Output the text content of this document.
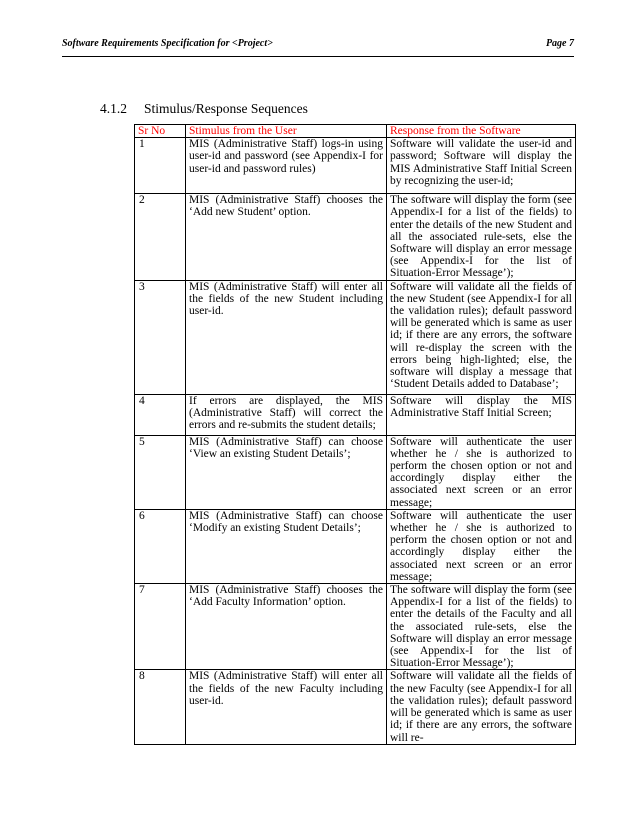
Software Requirements Specification for <Project>	Page 7
4.1.2 Stimulus/Response Sequences
Sr No	Stimulus from the User	Response from the Software
1	MIS (Administrative Staff) logs-in using user-id and password (see Appendix-I for user-id and password rules)	Software will validate the user-id and password; Software will display the MIS Administrative Staff Initial Screen by recognizing the user-id;
2	MIS (Administrative Staff) chooses the ‘Add new Student’ option.	The software will display the form (see Appendix-I for a list of the fields) to enter the details of the new Student and all the associated rule-sets, else the Software will display an error message (see Appendix-I for the list of Situation-Error Message’);
3	MIS (Administrative Staff) will enter all the fields of the new Student including user-id.	Software will validate all the fields of the new Student (see Appendix-I for all the validation rules); default password will be generated which is same as user id; if there are any errors, the software will re-display the screen with the errors being high-lighted; else, the software will display a message that ‘Student Details added to Database’;
4	If errors are displayed, the MIS (Administrative Staff) will correct the errors and re-submits the student details;	Software will display the MIS Administrative Staff Initial Screen;
5	MIS (Administrative Staff) can choose ‘View an existing Student Details’;	Software will authenticate the user whether he / she is authorized to perform the chosen option or not and accordingly display either the associated next screen or an error message;
6	MIS (Administrative Staff) can choose ‘Modify an existing Student Details’;	Software will authenticate the user whether he / she is authorized to perform the chosen option or not and accordingly display either the associated next screen or an error message;
7	MIS (Administrative Staff) chooses the ‘Add Faculty Information’ option.	The software will display the form (see Appendix-I for a list of the fields) to enter the details of the Faculty and all the associated rule-sets, else the Software will display an error message (see Appendix-I for the list of Situation-Error Message’);
8	MIS (Administrative Staff) will enter all the fields of the new Faculty including user-id.	Software will validate all the fields of the new Faculty (see Appendix-I for all the validation rules); default password will be generated which is same as user id; if there are any errors, the software will re-
